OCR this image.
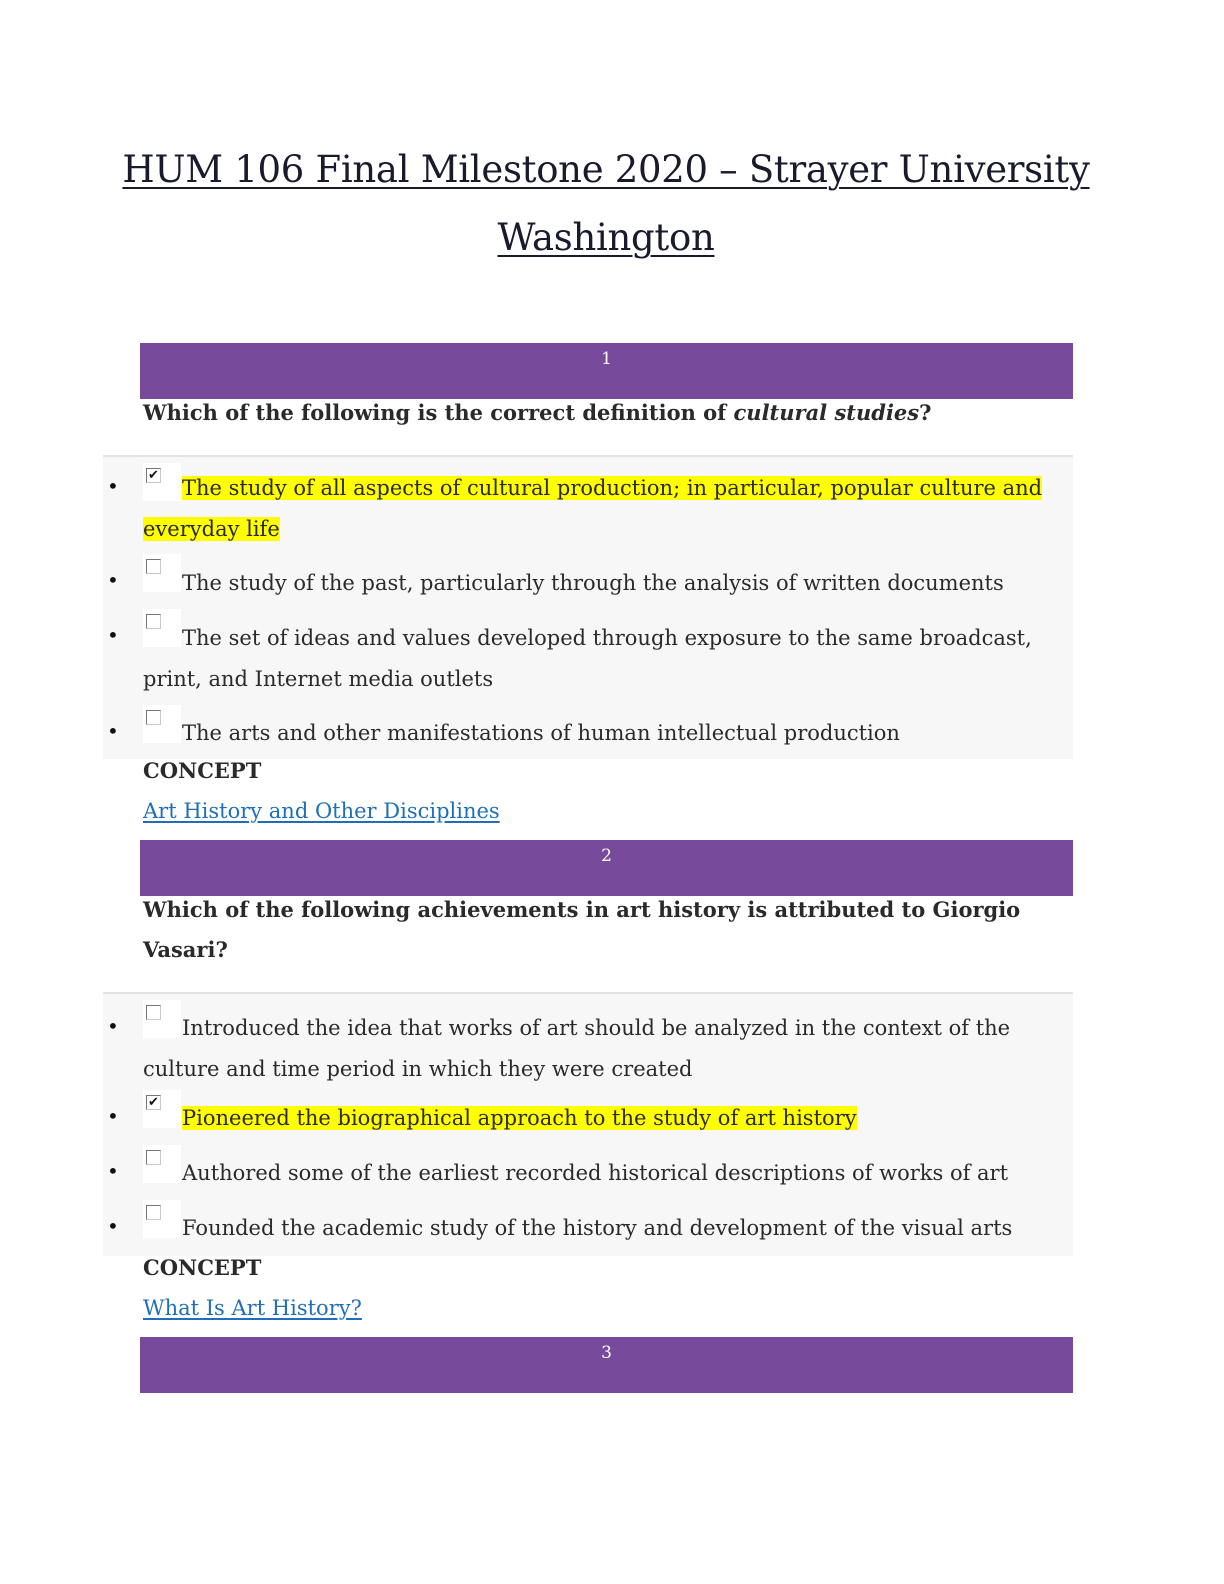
HUM 106 Final Milestone 2020 – Strayer University
Washington
1
Which of the following is the correct definition of cultural studies?
• ✔
The study of all aspects of cultural production; in particular, popular culture and everyday life
•	The study of the past, particularly through the analysis of written documents
•	The set of ideas and values developed through exposure to the same broadcast, print, and Internet media outlets
•	The arts and other manifestations of human intellectual production
CONCEPT
Art History and Other Disciplines
2
Which of the following achievements in art history is attributed to Giorgio Vasari?
•	Introduced the idea that works of art should be analyzed in the context of the culture and time period in which they were created
•
✔
Pioneered the biographical approach to the study of art history
•	Authored some of the earliest recorded historical descriptions of works of art
•	Founded the academic study of the history and development of the visual arts
CONCEPT
What Is Art History?
3
